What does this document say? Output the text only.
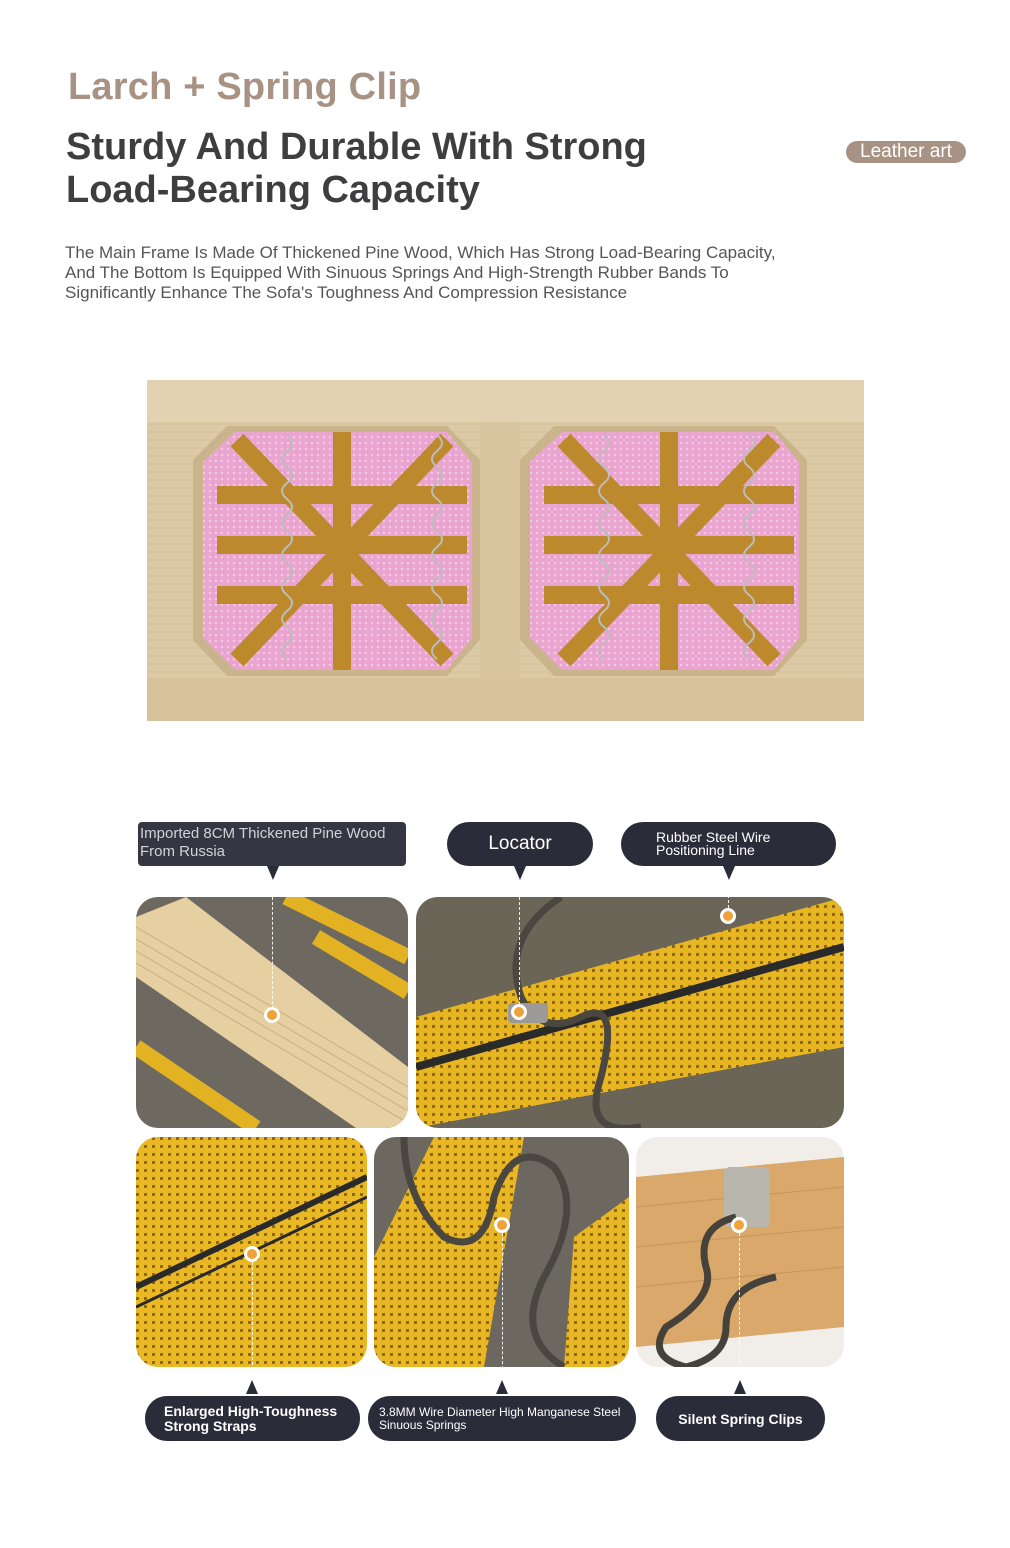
Larch + Spring Clip
Sturdy And Durable With Strong Load-Bearing Capacity
Leather art
The Main Frame Is Made Of Thickened Pine Wood, Which Has Strong Load-Bearing Capacity, And The Bottom Is Equipped With Sinuous Springs And High-Strength Rubber Bands To Significantly Enhance The Sofa's Toughness And Compression Resistance
Imported 8CM Thickened Pine Wood From Russia	Locator	Rubber Steel Wire Positioning Line
Enlarged High-Toughness Strong Straps
3.8MM Wire Diameter High Manganese Steel Sinuous Springs	Silent Spring Clips
